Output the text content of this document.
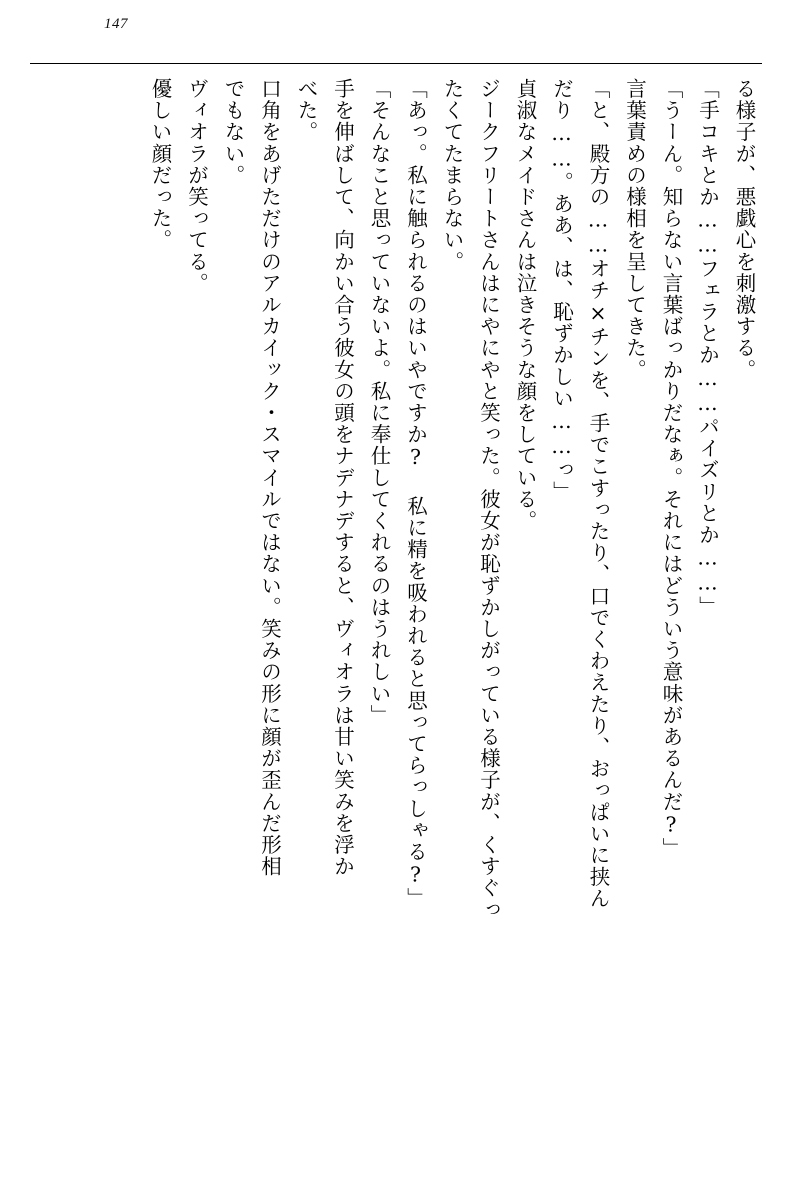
147

る様子が、悪戯心を刺激する。

「手コキとか……フェラとか……パイズリとか……」

「うーん。知らない言葉ばっかりだなぁ。それにはどういう意味があるんだ?」

言葉責めの様相を呈してきた。

「と、殿方の……オチ×チンを、手でこすったり、口でくわえたり、おっぱいに挟ん

だり……。ああ、は、恥ずかしい……っ」

貞淑なメイドさんは泣きそうな顔をしている。

ジークフリートさんはにやにやと笑った。彼女が恥ずかしがっている様子が、くすぐっ

たくてたまらない。

「あっ。私に触られるのはいやですか? 私に精を吸われると思ってらっしゃる?」

「そんなこと思っていないよ。私に奉仕してくれるのはうれしい」

手を伸ばして、向かい合う彼女の頭をナデナデすると、ヴィオラは甘い笑みを浮か

べた。

口角をあげただけのアルカイック・スマイルではない。笑みの形に顔が歪んだ形相

でもない。

ヴィオラが笑ってる。

優しい顔だった。
